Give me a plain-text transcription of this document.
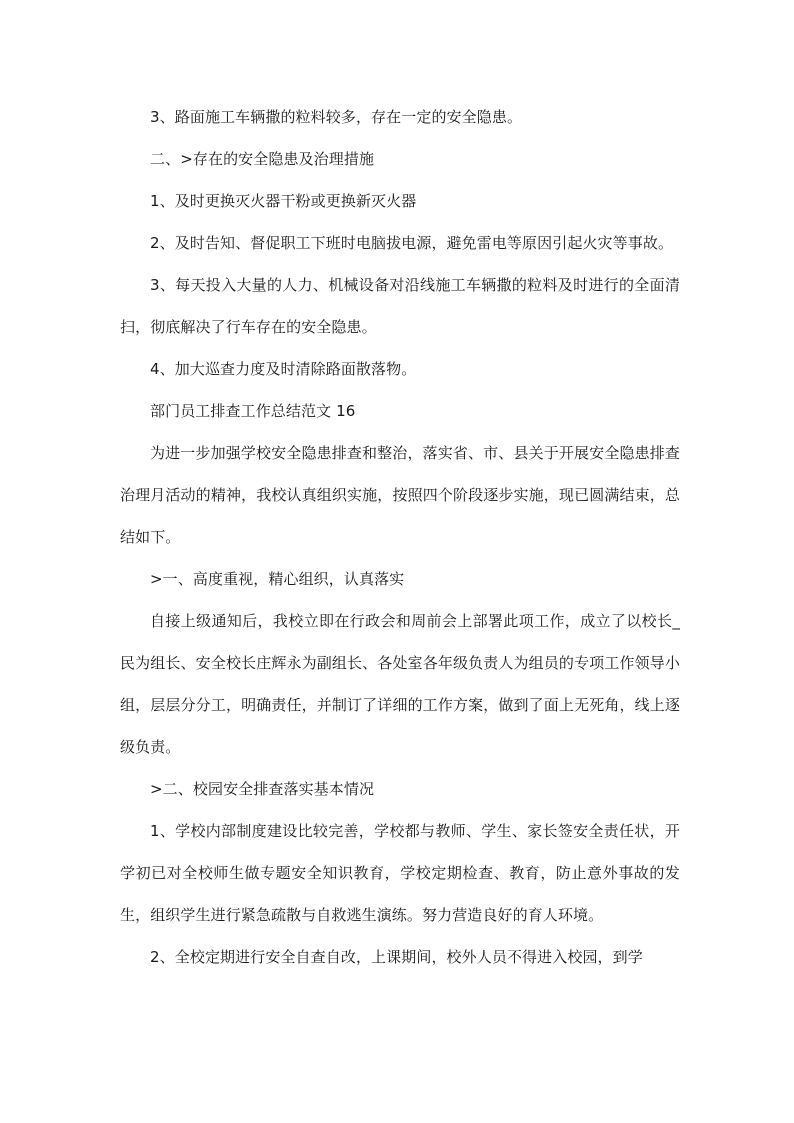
3、路面施工车辆撒的粒料较多，存在一定的安全隐患。

二、>存在的安全隐患及治理措施

1、及时更换灭火器干粉或更换新灭火器

2、及时告知、督促职工下班时电脑拔电源，避免雷电等原因引起火灾等事故。

3、每天投入大量的人力、机械设备对沿线施工车辆撒的粒料及时进行的全面清扫，彻底解决了行车存在的安全隐患。

4、加大巡查力度及时清除路面散落物。

部门员工排查工作总结范文 16

为进一步加强学校安全隐患排查和整治，落实省、市、县关于开展安全隐患排查治理月活动的精神，我校认真组织实施，按照四个阶段逐步实施，现已圆满结束，总结如下。

>一、高度重视，精心组织，认真落实

自接上级通知后，我校立即在行政会和周前会上部署此项工作，成立了以校长_民为组长、安全校长庄辉永为副组长、各处室各年级负责人为组员的专项工作领导小组，层层分分工，明确责任，并制订了详细的工作方案，做到了面上无死角，线上逐级负责。

>二、校园安全排查落实基本情况

1、学校内部制度建设比较完善，学校都与教师、学生、家长签安全责任状，开学初已对全校师生做专题安全知识教育，学校定期检查、教育，防止意外事故的发生，组织学生进行紧急疏散与自救逃生演练。努力营造良好的育人环境。

2、全校定期进行安全自查自改，上课期间，校外人员不得进入校园，到学
